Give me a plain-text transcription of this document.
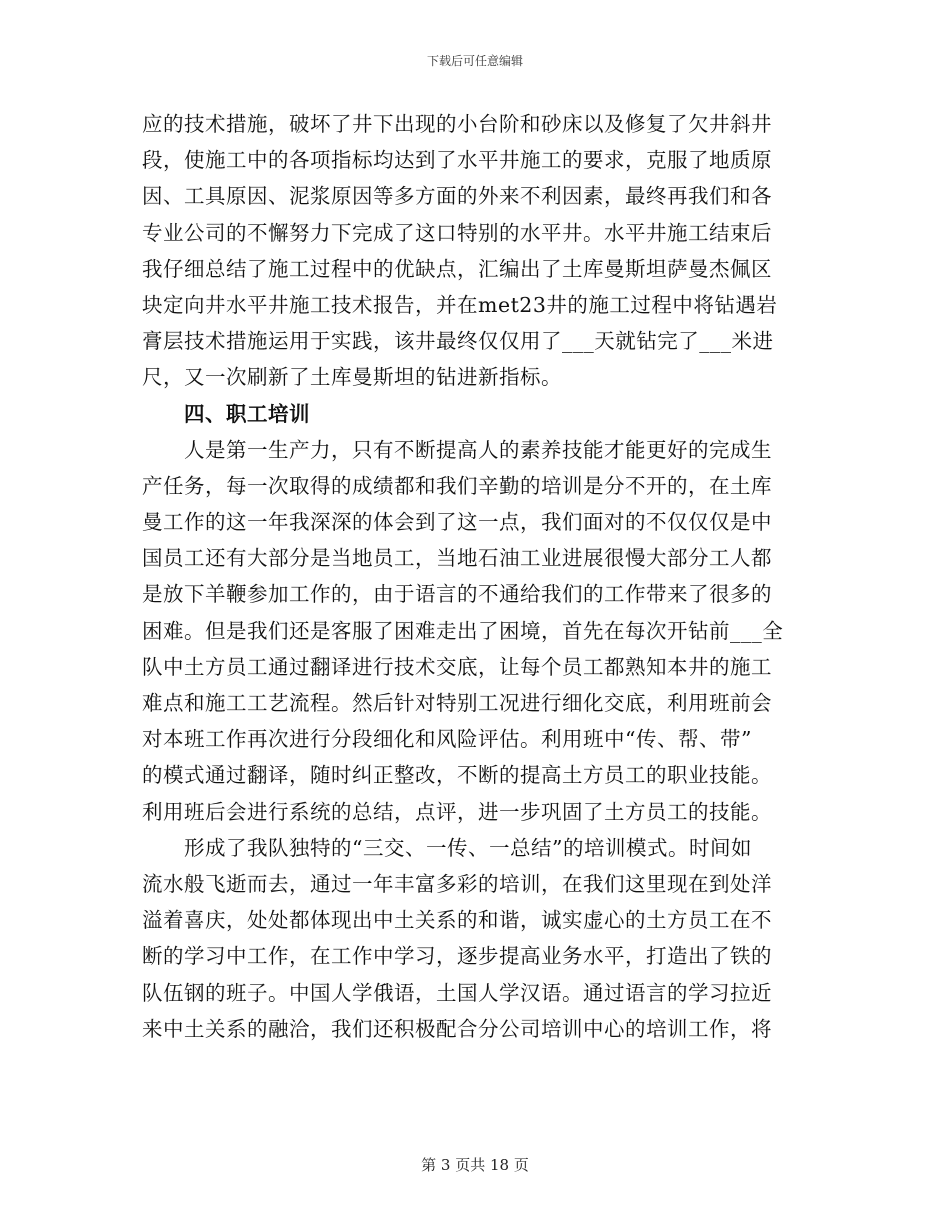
下载后可任意编辑
应的技术措施，破坏了井下出现的小台阶和砂床以及修复了欠井斜井
段，使施工中的各项指标均达到了水平井施工的要求，克服了地质原
因、工具原因、泥浆原因等多方面的外来不利因素，最终再我们和各
专业公司的不懈努力下完成了这口特别的水平井。水平井施工结束后
我仔细总结了施工过程中的优缺点，汇编出了土库曼斯坦萨曼杰佩区
块定向井水平井施工技术报告，并在met23井的施工过程中将钻遇岩
膏层技术措施运用于实践，该井最终仅仅用了___天就钻完了___米进
尺，又一次刷新了土库曼斯坦的钻进新指标。
四、职工培训
人是第一生产力，只有不断提高人的素养技能才能更好的完成生
产任务，每一次取得的成绩都和我们辛勤的培训是分不开的，在土库
曼工作的这一年我深深的体会到了这一点，我们面对的不仅仅仅是中
国员工还有大部分是当地员工，当地石油工业进展很慢大部分工人都
是放下羊鞭参加工作的，由于语言的不通给我们的工作带来了很多的
困难。但是我们还是客服了困难走出了困境，首先在每次开钻前___全
队中土方员工通过翻译进行技术交底，让每个员工都熟知本井的施工
难点和施工工艺流程。然后针对特别工况进行细化交底，利用班前会
对本班工作再次进行分段细化和风险评估。利用班中“传、帮、带”
的模式通过翻译，随时纠正整改，不断的提高土方员工的职业技能。
利用班后会进行系统的总结，点评，进一步巩固了土方员工的技能。
形成了我队独特的“三交、一传、一总结”的培训模式。时间如
流水般飞逝而去，通过一年丰富多彩的培训，在我们这里现在到处洋
溢着喜庆，处处都体现出中土关系的和谐，诚实虚心的土方员工在不
断的学习中工作，在工作中学习，逐步提高业务水平，打造出了铁的
队伍钢的班子。中国人学俄语，土国人学汉语。通过语言的学习拉近
来中土关系的融洽，我们还积极配合分公司培训中心的培训工作，将
第 3 页共 18 页
